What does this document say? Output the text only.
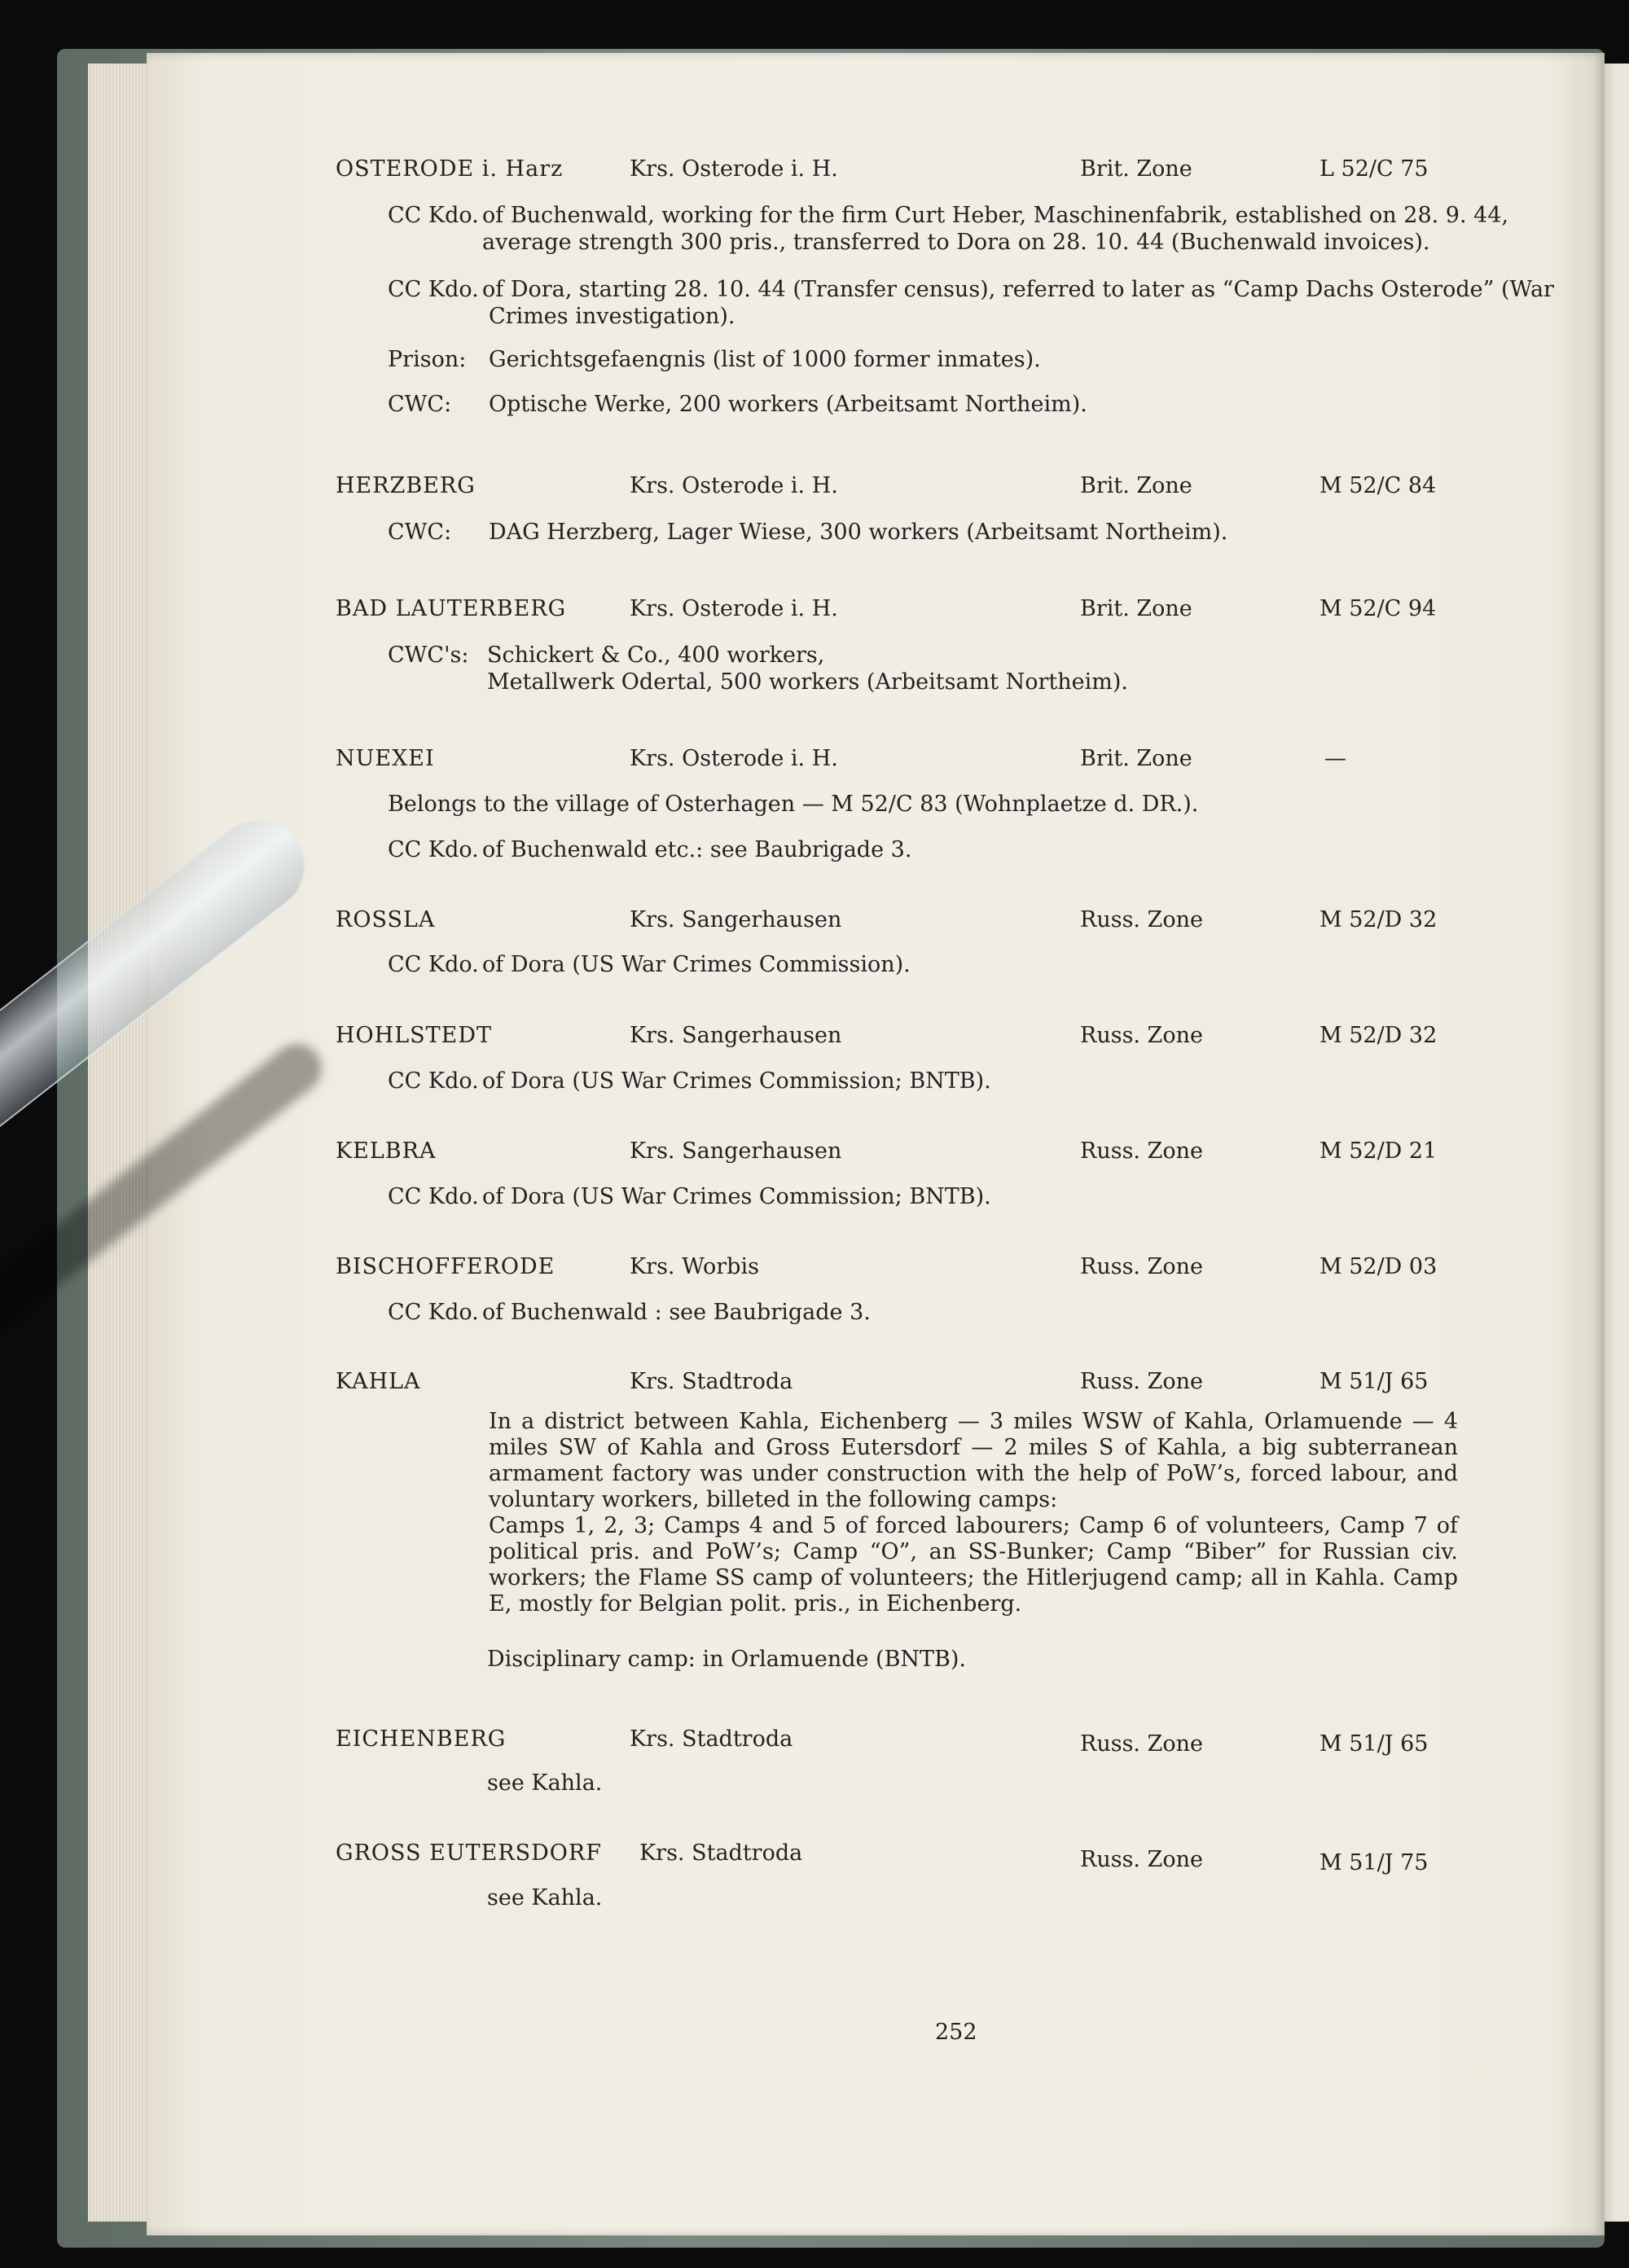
OSTERODE i. Harz	Krs. Osterode i. H.	Brit. Zone	L 52/C 75
CC Kdo. of Buchenwald, working for the firm Curt Heber, Maschinenfabrik, established on 28. 9. 44,
average strength 300 pris., transferred to Dora on 28. 10. 44 (Buchenwald invoices).
CC Kdo. of Dora, starting 28. 10. 44 (Transfer census), referred to later as “Camp Dachs Osterode” (War
Crimes investigation).
Prison: Gerichtsgefaengnis (list of 1000 former inmates).
CWC: Optische Werke, 200 workers (Arbeitsamt Northeim).
HERZBERG	Krs. Osterode i. H.	Brit. Zone	M 52/C 84
CWC: DAG Herzberg, Lager Wiese, 300 workers (Arbeitsamt Northeim).
BAD LAUTERBERG	Krs. Osterode i. H.	Brit. Zone	M 52/C 94
CWC's: Schickert & Co., 400 workers,
Metallwerk Odertal, 500 workers (Arbeitsamt Northeim).
NUEXEI	Krs. Osterode i. H.	Brit. Zone	—
Belongs to the village of Osterhagen — M 52/C 83 (Wohnplaetze d. DR.).
CC Kdo. of Buchenwald etc.: see Baubrigade 3.
ROSSLA	Krs. Sangerhausen	Russ. Zone	M 52/D 32
CC Kdo. of Dora (US War Crimes Commission).
HOHLSTEDT	Krs. Sangerhausen	Russ. Zone	M 52/D 32
CC Kdo. of Dora (US War Crimes Commission; BNTB).
KELBRA	Krs. Sangerhausen	Russ. Zone	M 52/D 21
CC Kdo. of Dora (US War Crimes Commission; BNTB).
BISCHOFFERODE	Krs. Worbis	Russ. Zone	M 52/D 03
CC Kdo. of Buchenwald : see Baubrigade 3.
KAHLA	Krs. Stadtroda	Russ. Zone	M 51/J 65
In a district between Kahla, Eichenberg — 3 miles WSW of Kahla, Orlamuende — 4 miles SW of Kahla and Gross Eutersdorf — 2 miles S of Kahla, a big subterranean armament factory was under construction with the help of PoW’s, forced labour, and voluntary workers, billeted in the following camps:
Camps 1, 2, 3; Camps 4 and 5 of forced labourers; Camp 6 of volunteers, Camp 7 of political pris. and PoW’s; Camp “O”, an SS-Bunker; Camp “Biber” for Russian civ. workers; the Flame SS camp of volunteers; the Hitlerjugend camp; all in Kahla. Camp E, mostly for Belgian polit. pris., in Eichenberg.
Disciplinary camp: in Orlamuende (BNTB).
EICHENBERG	Krs. Stadtroda	Russ. Zone	M 51/J 65
see Kahla.
GROSS EUTERSDORF Krs. Stadtroda	Russ. Zone	M 51/J 75
see Kahla.
252
